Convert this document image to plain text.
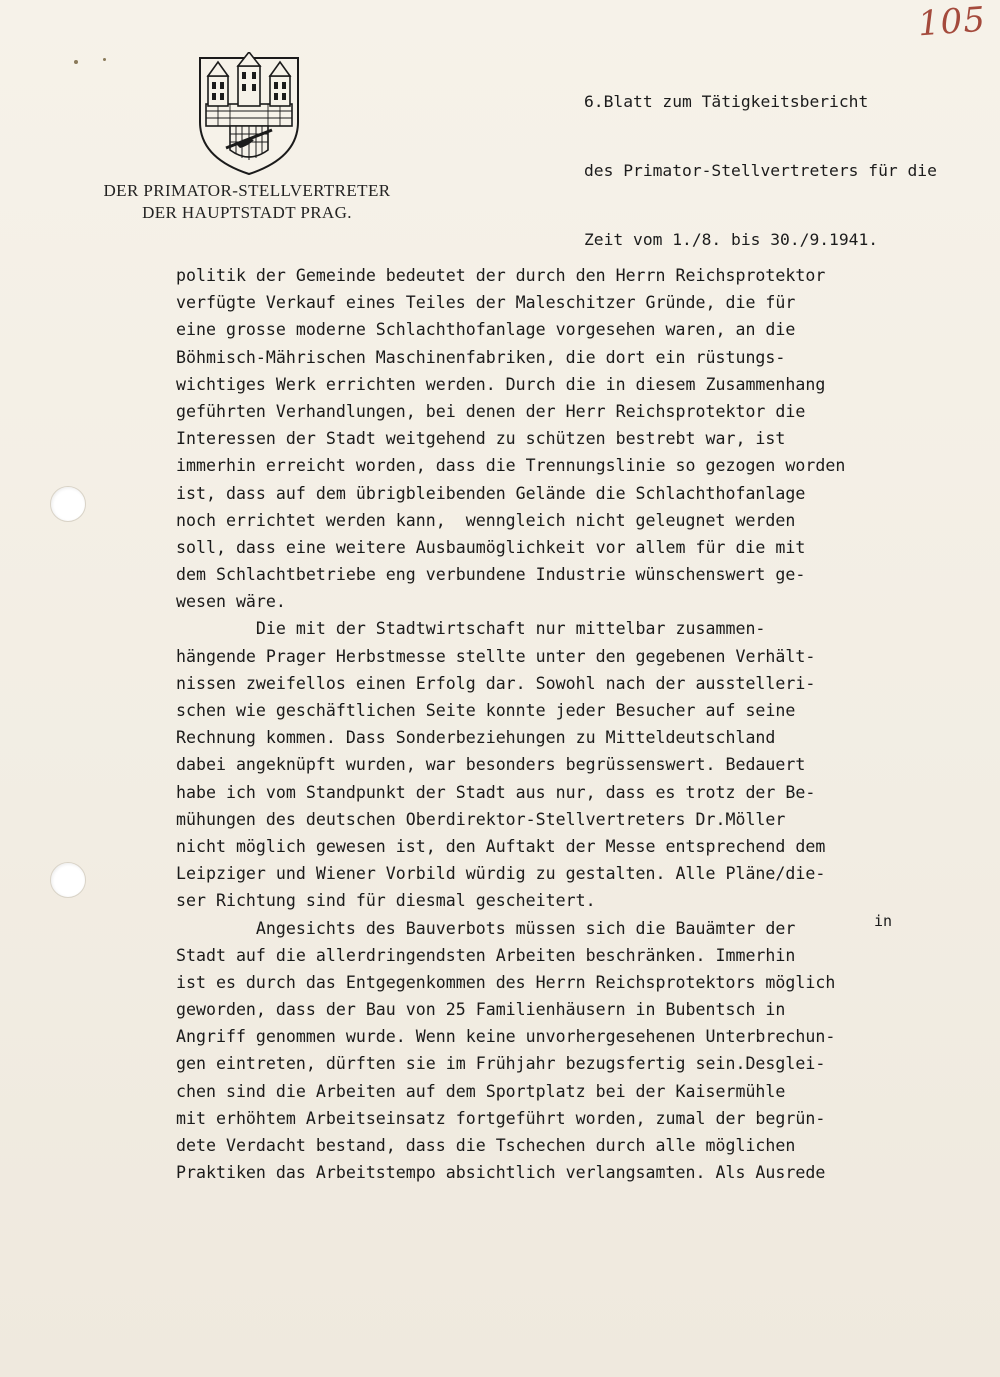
105
DER PRIMATOR-STELLVERTRETER
DER HAUPTSTADT PRAG.

6.Blatt zum Tätigkeitsbericht

des Primator-Stellvertreters für die

Zeit vom 1./8. bis 30./9.1941.

in
politik der Gemeinde bedeutet der durch den Herrn Reichsprotektor
verfügte Verkauf eines Teiles der Maleschitzer Gründe, die für
eine grosse moderne Schlachthofanlage vorgesehen waren, an die
Böhmisch-Mährischen Maschinenfabriken, die dort ein rüstungs-
wichtiges Werk errichten werden. Durch die in diesem Zusammenhang
geführten Verhandlungen, bei denen der Herr Reichsprotektor die
Interessen der Stadt weitgehend zu schützen bestrebt war, ist
immerhin erreicht worden, dass die Trennungslinie so gezogen worden
ist, dass auf dem übrigbleibenden Gelände die Schlachthofanlage
noch errichtet werden kann,  wenngleich nicht geleugnet werden
soll, dass eine weitere Ausbaumöglichkeit vor allem für die mit
dem Schlachtbetriebe eng verbundene Industrie wünschenswert ge-
wesen wäre.
Die mit der Stadtwirtschaft nur mittelbar zusammen-
hängende Prager Herbstmesse stellte unter den gegebenen Verhält-
nissen zweifellos einen Erfolg dar. Sowohl nach der ausstelleri-
schen wie geschäftlichen Seite konnte jeder Besucher auf seine
Rechnung kommen. Dass Sonderbeziehungen zu Mitteldeutschland
dabei angeknüpft wurden, war besonders begrüssenswert. Bedauert
habe ich vom Standpunkt der Stadt aus nur, dass es trotz der Be-
mühungen des deutschen Oberdirektor-Stellvertreters Dr.Möller
nicht möglich gewesen ist, den Auftakt der Messe entsprechend dem
Leipziger und Wiener Vorbild würdig zu gestalten. Alle Pläne/die-
ser Richtung sind für diesmal gescheitert.
Angesichts des Bauverbots müssen sich die Bauämter der
Stadt auf die allerdringendsten Arbeiten beschränken. Immerhin
ist es durch das Entgegenkommen des Herrn Reichsprotektors möglich
geworden, dass der Bau von 25 Familienhäusern in Bubentsch in
Angriff genommen wurde. Wenn keine unvorhergesehenen Unterbrechun-
gen eintreten, dürften sie im Frühjahr bezugsfertig sein.Desglei-
chen sind die Arbeiten auf dem Sportplatz bei der Kaisermühle
mit erhöhtem Arbeitseinsatz fortgeführt worden, zumal der begrün-
dete Verdacht bestand, dass die Tschechen durch alle möglichen
Praktiken das Arbeitstempo absichtlich verlangsamten. Als Ausrede
